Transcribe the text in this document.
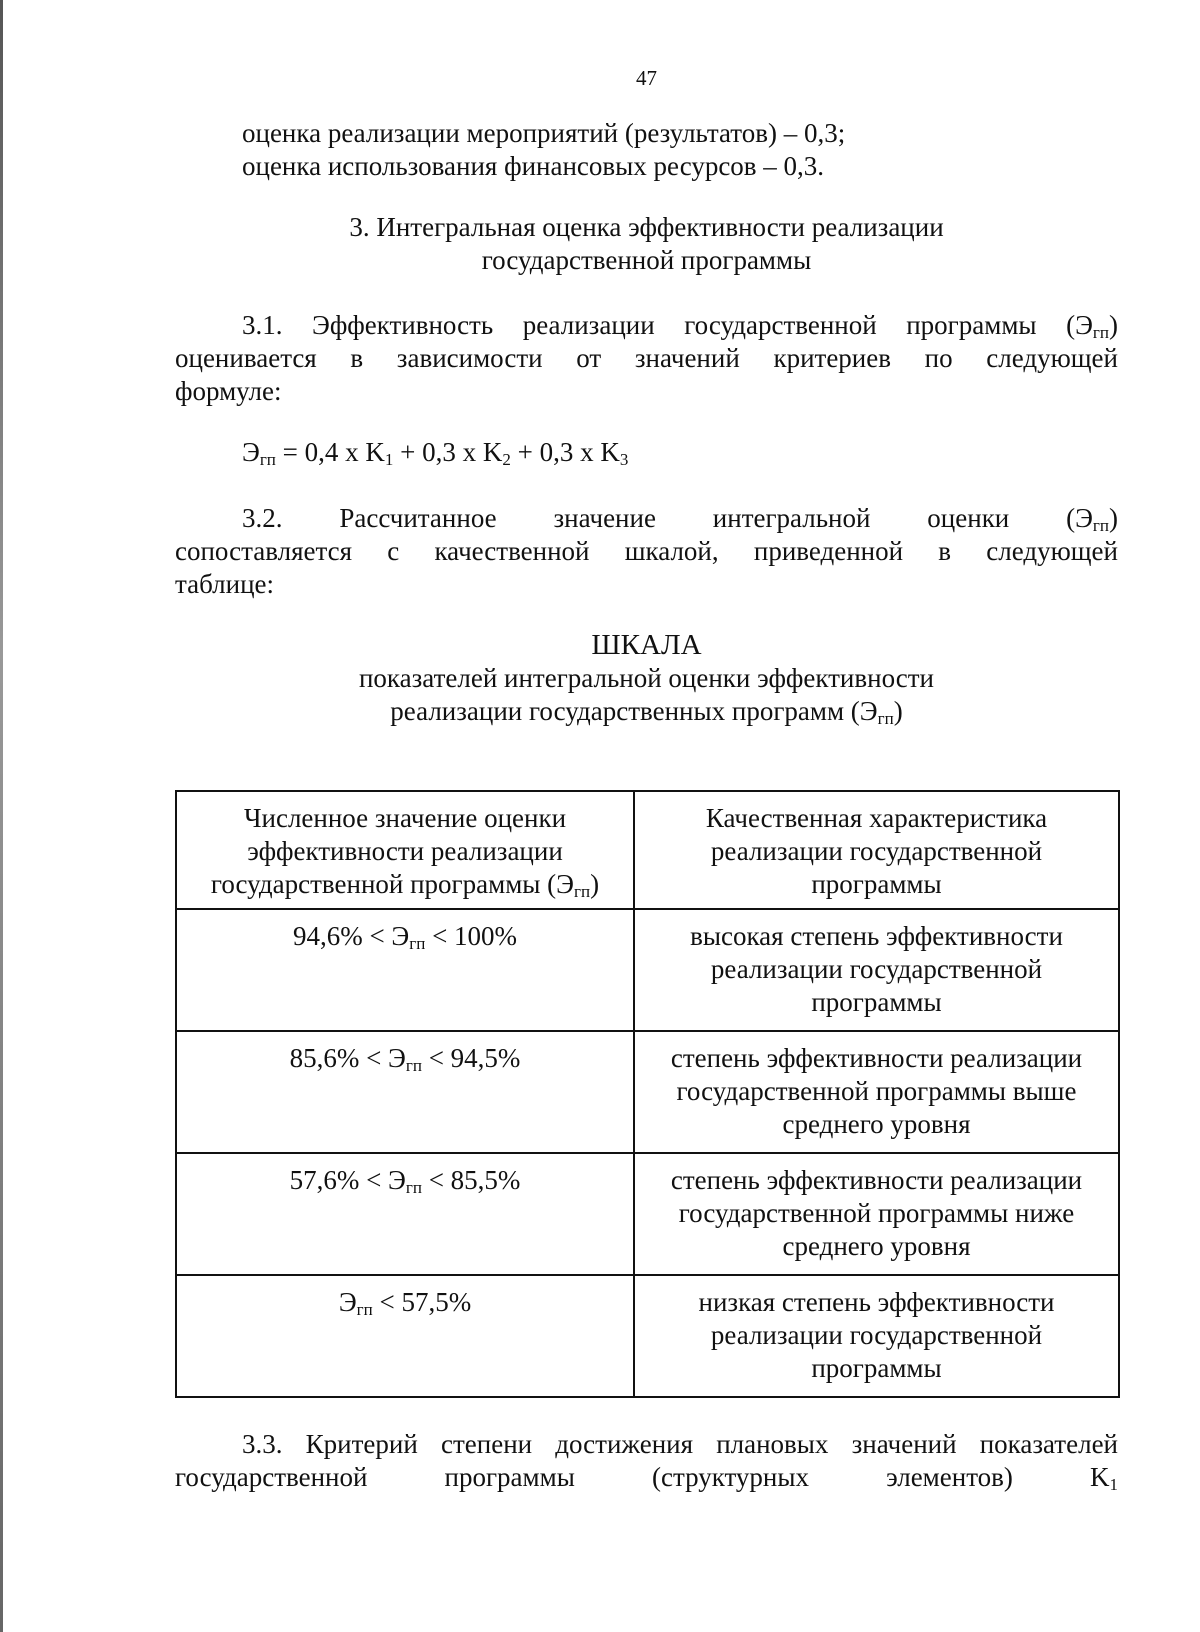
47
оценка реализации мероприятий (результатов) – 0,3;
оценка использования финансовых ресурсов – 0,3.
3. Интегральная оценка эффективности реализации
государственной программы
3.1. Эффективность реализации государственной программы $(Э_{гп})$
оценивается в зависимости от значений критериев по следующей
формуле:
$Э_{гп} = 0,4$ х $K_1 + 0,3$ х $K_2 + 0,3$ х $K_3$
3.2. Рассчитанное значение интегральной оценки $(Э_{гп})$
сопоставляется с качественной шкалой, приведенной в следующей
таблице:
ШКАЛА
показателей интегральной оценки эффективности
реализации государственных программ $(Э_{гп})$
Численное значение оценки
эффективности реализации
государственной программы $(Э_{гп})$	Качественная характеристика
реализации государственной
программы

$94,6\% < Э_{гп} < 100\%$	высокая степень эффективности
реализации государственной
программы

$85,6\% < Э_{гп} < 94,5\%$	степень эффективности реализации
государственной программы выше
среднего уровня

$57,6\% < Э_{гп} < 85,5\%$	степень эффективности реализации
государственной программы ниже
среднего уровня

$Э_{гп} < 57,5\%$	низкая степень эффективности
реализации государственной
программы
3.3. Критерий степени достижения плановых значений показателей
государственной программы (структурных элементов) $K_1$
